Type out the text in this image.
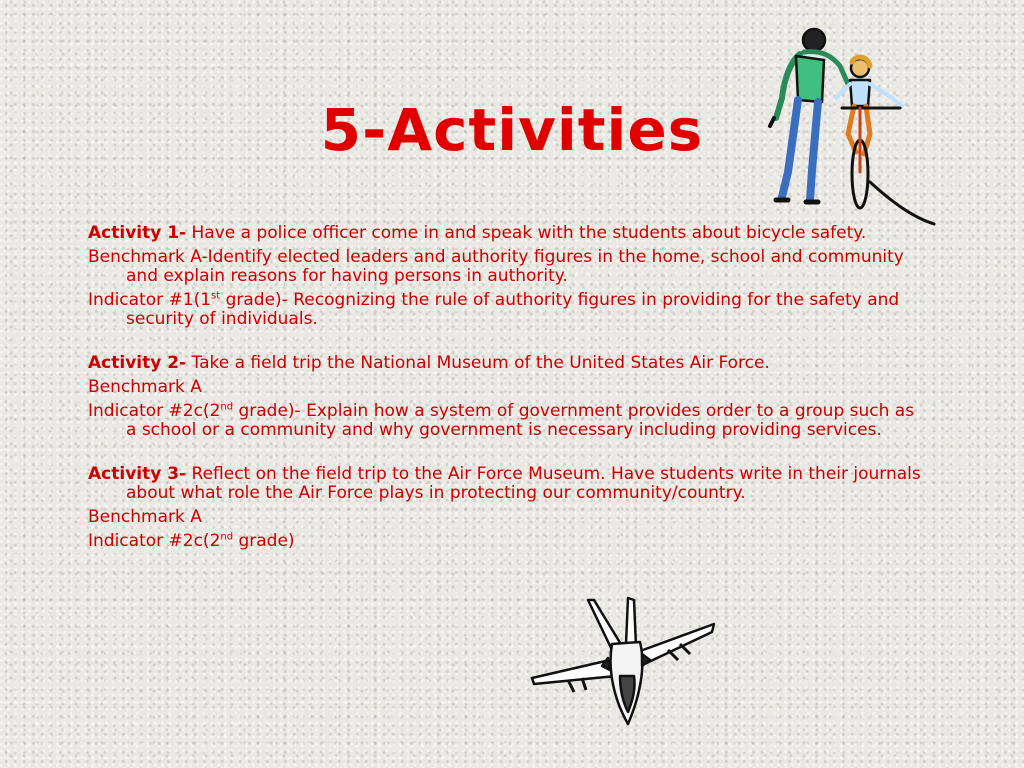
5-Activities

Activity 1- Have a police officer come in and speak with the students about bicycle safety.

Benchmark A-Identify elected leaders and authority figures in the home, school and community and explain reasons for having persons in authority.

Indicator #1(1st grade)- Recognizing the rule of authority figures in providing for the safety and security of individuals.

Activity 2- Take a field trip the National Museum of the United States Air Force.

Benchmark A

Indicator #2c(2nd grade)- Explain how a system of government provides order to a group such as a school or a community and why government is necessary including providing services.

Activity 3- Reflect on the field trip to the Air Force Museum. Have students write in their journals about what role the Air Force plays in protecting our community/country.

Benchmark A

Indicator #2c(2nd grade)
